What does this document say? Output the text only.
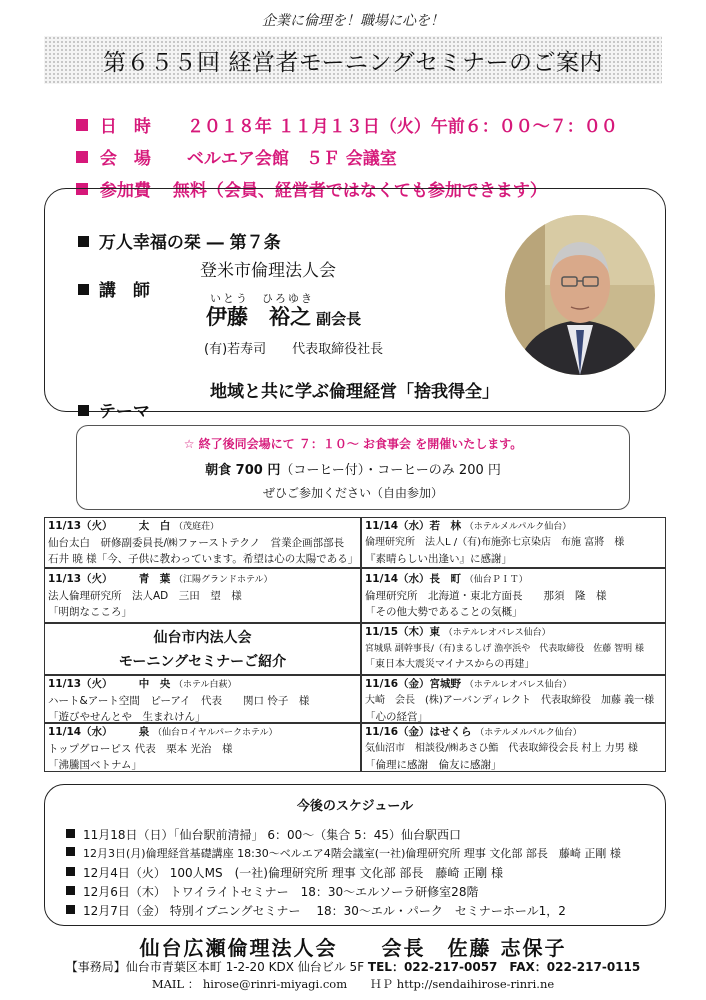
企業に倫理を！職場に心を！
第６５５回 経営者モーニングセミナーのご案内

日　時 ２０１８年 １１月１３日（火）午前６：００～７：００

会　場 ベルエア会館　５Ｆ 会議室

参加費 無料（会員、経営者ではなくても参加できます）

万人幸福の栞 ― 第７条

講　師

登米市倫理法人会
いとう　ひろゆき
伊藤　裕之 副会長
(有)若寿司　　代表取締役社長

テーマ

地域と共に学ぶ倫理経営「捨我得全」
☆ 終了後同会場にて ７：１０～ お食事会 を開催いたします。
朝食 700 円（コーヒー付）・コーヒーのみ 200 円
ぜひご参加ください（自由参加）
11/13（火）　　　太　白 （茂庭荘）
仙台太白　研修副委員長/㈱ファーストテクノ　営業企画部部長
石井 暁 様「今、子供に教わっています。希望は心の太陽である」
11/13（火）　　　青　葉 （江陽グランドホテル）
法人倫理研究所　法人AD　三田　望　様
「明朗なこころ」
仙台市内法人会
モーニングセミナーご紹介
11/13（火）　　　中　央 （ホテル白萩）
ハート&アート空間　ピーアイ　代表　　関口 怜子　様
「遊びやせんとや　生まれけん」
11/14（水）　　　泉 （仙台ロイヤルパークホテル）
トップグローピス 代表　栗本 光治　様
「沸騰国ベトナム」
11/14（水）若　林 （ホテルメルパルク仙台）
倫理研究所　法人L /（有)布施弥七京染店　布施 富將　様
『素晴らしい出逢い』に感謝」
11/14（水）長　町 （仙台ＰＩＴ）
倫理研究所　北海道・東北方面長　　那須　隆　様
「その他大勢であることの気概」
11/15（木）東 （ホテルレオパレス仙台）
宮城県 副幹事長/（有)まるしげ 漁亭浜や　代表取締役　佐藤 智明 様
「東日本大震災マイナスからの再建」
11/16（金）宮城野 （ホテルレオパレス仙台）
大崎　会長　(株)アーバンディレクト　代表取締役　加藤 義一様
「心の経営」
11/16（金）はせくら （ホテルメルパルク仙台）
気仙沼市　相談役/㈱あさひ鮨　代表取締役会長 村上 力男 様
「倫理に感謝　倫友に感謝」
今後のスケジュール
11月18日（日）「仙台駅前清掃」 6：00～（集合 5：45）仙台駅西口
12月3日(月)倫理経営基礎講座 18:30～ベルエア4階会議室(一社)倫理研究所 理事 文化部 部長　藤崎 正剛 様
12月4日（火） 100人MS　(一社)倫理研究所 理事 文化部 部長　藤崎 正剛 様
12月6日（木） トワイライトセミナー　18：30～エルソーラ研修室28階
12月7日（金） 特別イブニングセミナー　 18：30～エル・パーク　セミナーホール1，2
仙台広瀬倫理法人会　　会長　佐藤 志保子
【事務局】仙台市青葉区本町 1-2-20 KDX 仙台ビル 5F TEL：022-217-0057　FAX：022-217-0115
MAIL ： hirose@rinri-miyagi.com　　ＨＰ http://sendaihirose-rinri.ne
